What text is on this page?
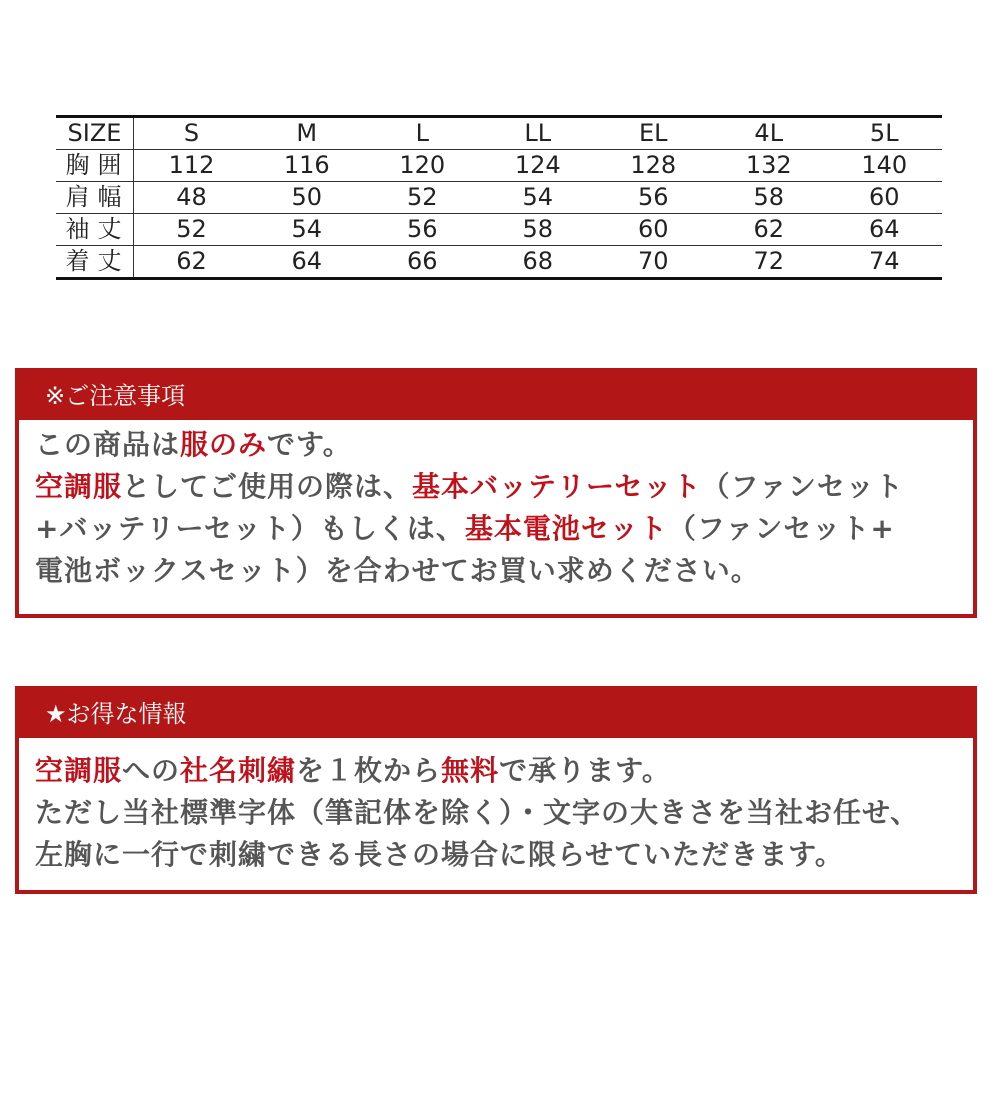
SIZE	S	M	L	LL	EL	4L	5L
胸囲	112	116	120	124	128	132	140
肩幅	48	50	52	54	56	58	60
袖丈	52	54	56	58	60	62	64
着丈	62	64	66	68	70	72	74
※ご注意事項
この商品は服のみです。
空調服としてご使用の際は、基本バッテリーセット（ファンセット
+バッテリーセット）もしくは、基本電池セット（ファンセット+
電池ボックスセット）を合わせてお買い求めください。
★お得な情報
空調服への社名刺繍を１枚から無料で承ります。
ただし当社標準字体（筆記体を除く）・文字の大きさを当社お任せ、
左胸に一行で刺繍できる長さの場合に限らせていただきます。
